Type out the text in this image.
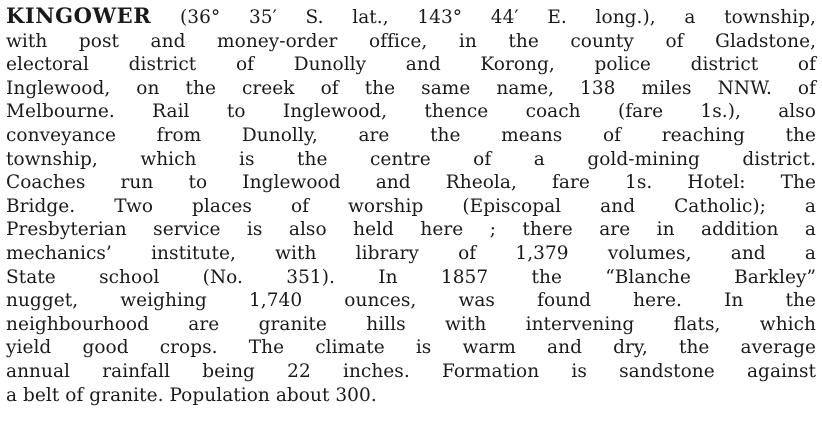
KINGOWER (36° 35′ S. lat., 143° 44′ E. long.), a township,
with post and money-order office, in the county of Gladstone,
electoral district of Dunolly and Korong, police district of
Inglewood, on the creek of the same name, 138 miles NNW. of
Melbourne. Rail to Inglewood, thence coach (fare 1s.), also
conveyance from Dunolly, are the means of reaching the
township, which is the centre of a gold-mining district.
Coaches run to Inglewood and Rheola, fare 1s. Hotel: The
Bridge. Two places of worship (Episcopal and Catholic); a
Presbyterian service is also held here ; there are in addition a
mechanics’ institute, with library of 1,379 volumes, and a
State school (No. 351). In 1857 the “Blanche Barkley”
nugget, weighing 1,740 ounces, was found here. In the
neighbourhood are granite hills with intervening flats, which
yield good crops. The climate is warm and dry, the average
annual rainfall being 22 inches. Formation is sandstone against
a belt of granite. Population about 300.
